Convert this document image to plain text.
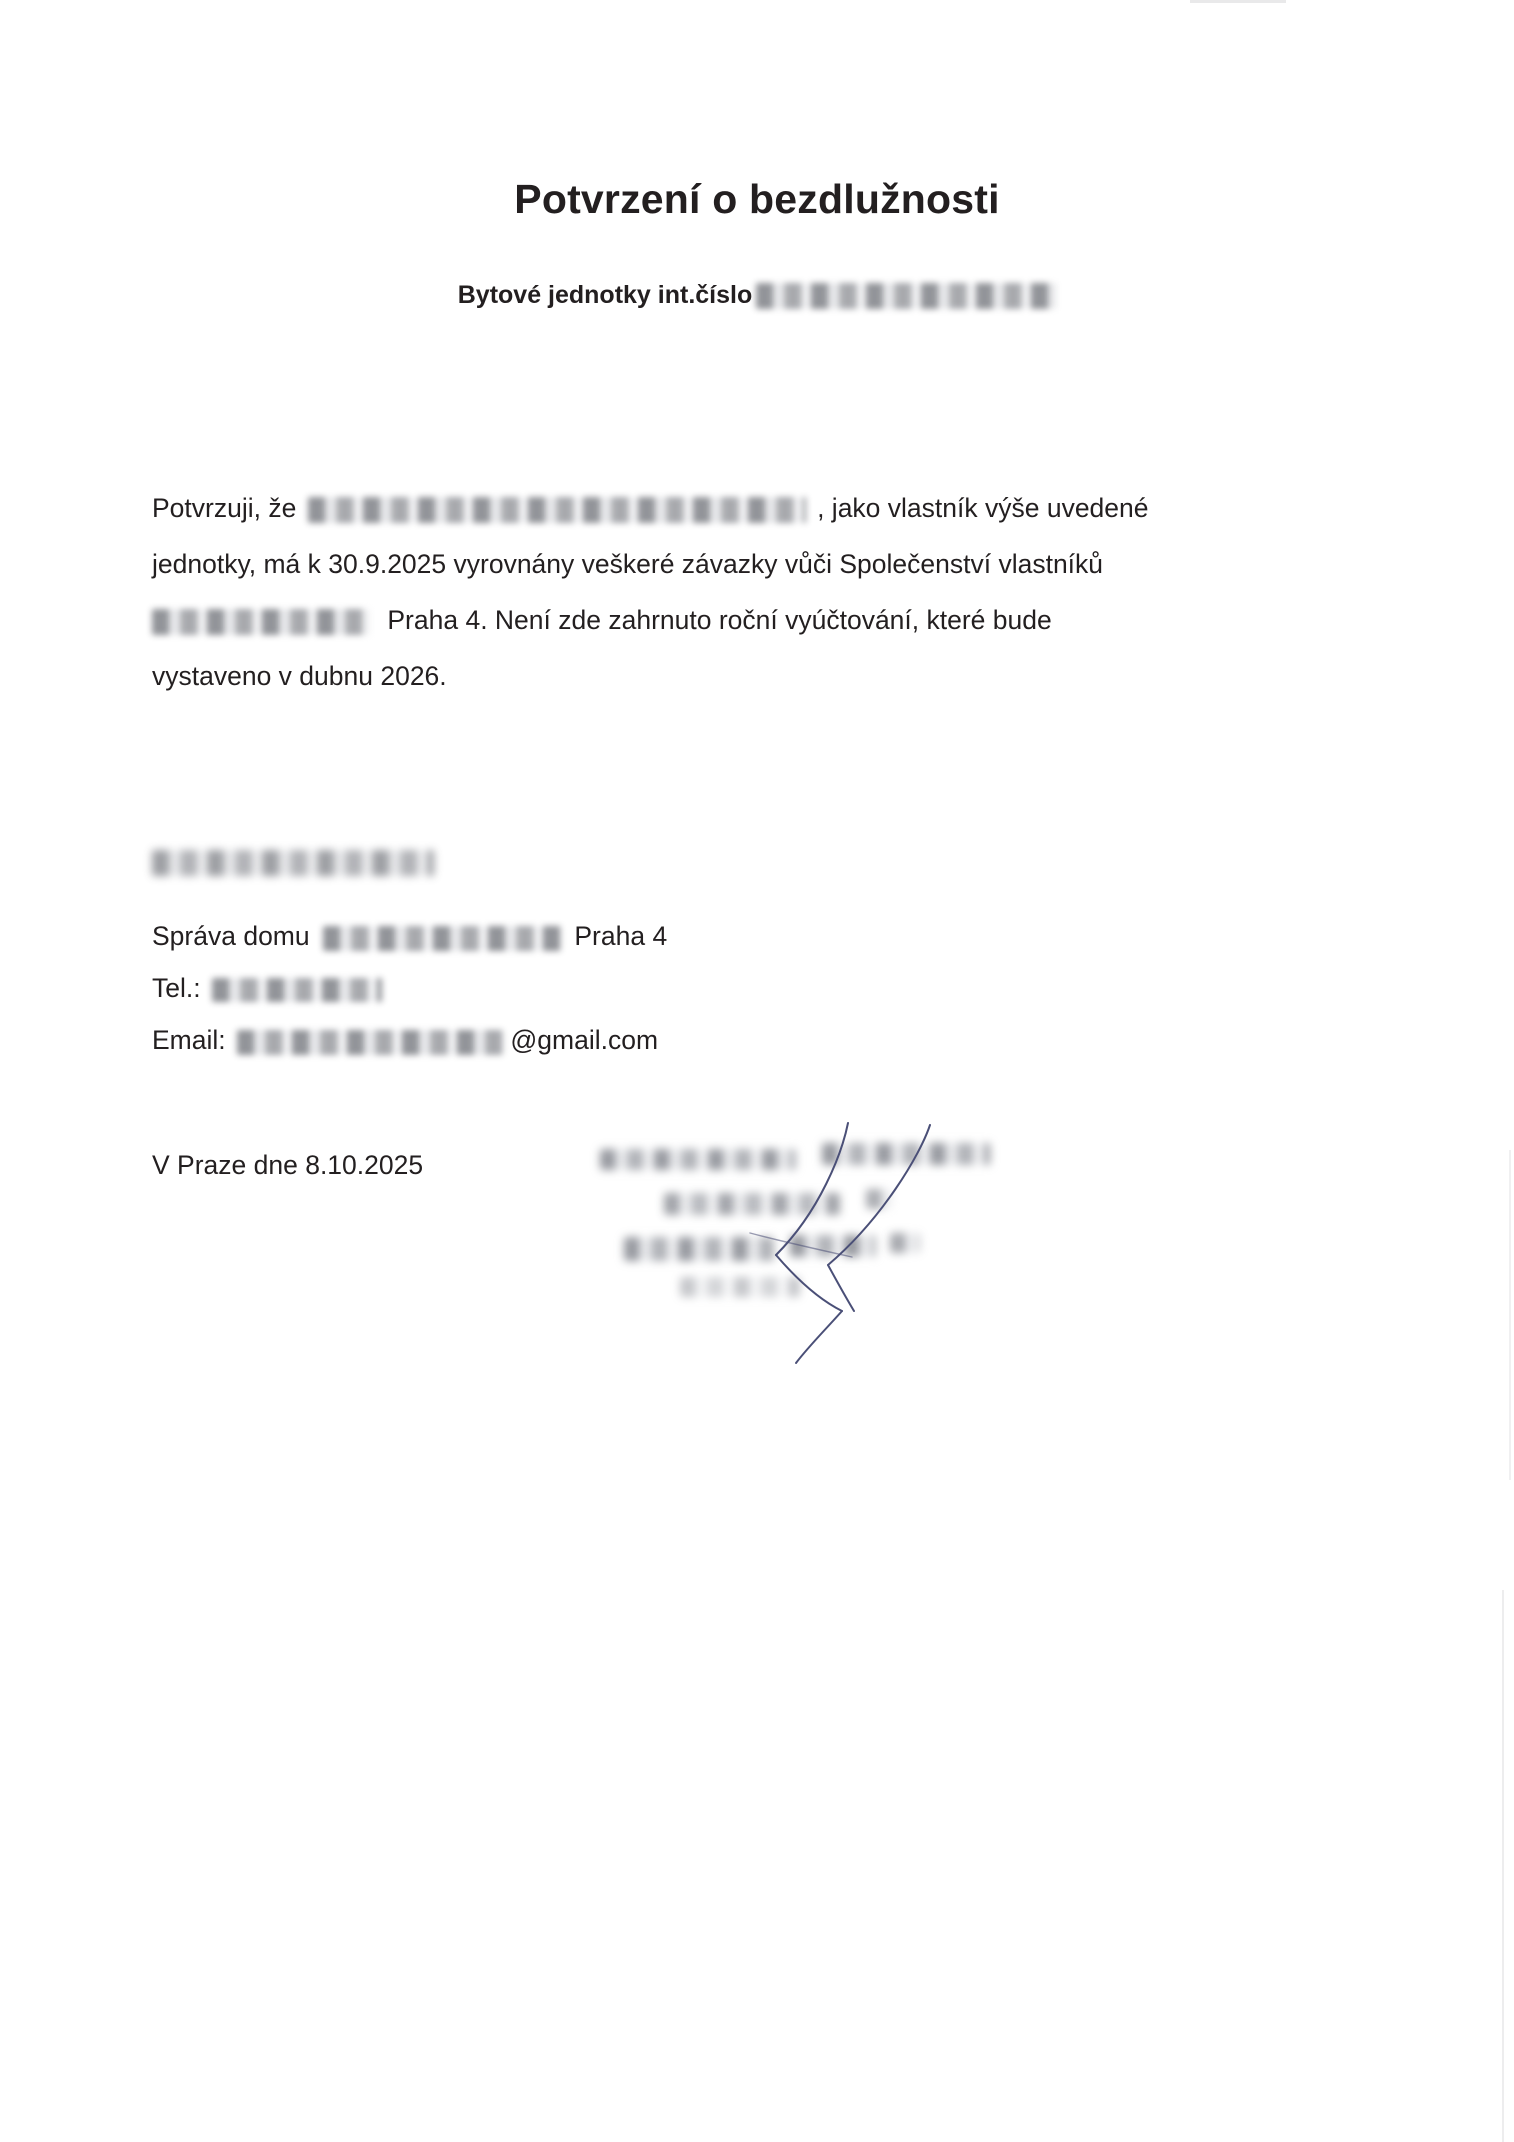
Potvrzení o bezdlužnosti
Bytové jednotky int.číslo
Potvrzuji, že	, jako vlastník výše uvedené
jednotky, má k 30.9.2025 vyrovnány veškeré závazky vůči Společenství vlastníků
Praha 4. Není zde zahrnuto roční vyúčtování, které bude
vystaveno v dubnu 2026.
Správa domu	Praha 4
Tel.:
Email:	@gmail.com
V Praze dne 8.10.2025
